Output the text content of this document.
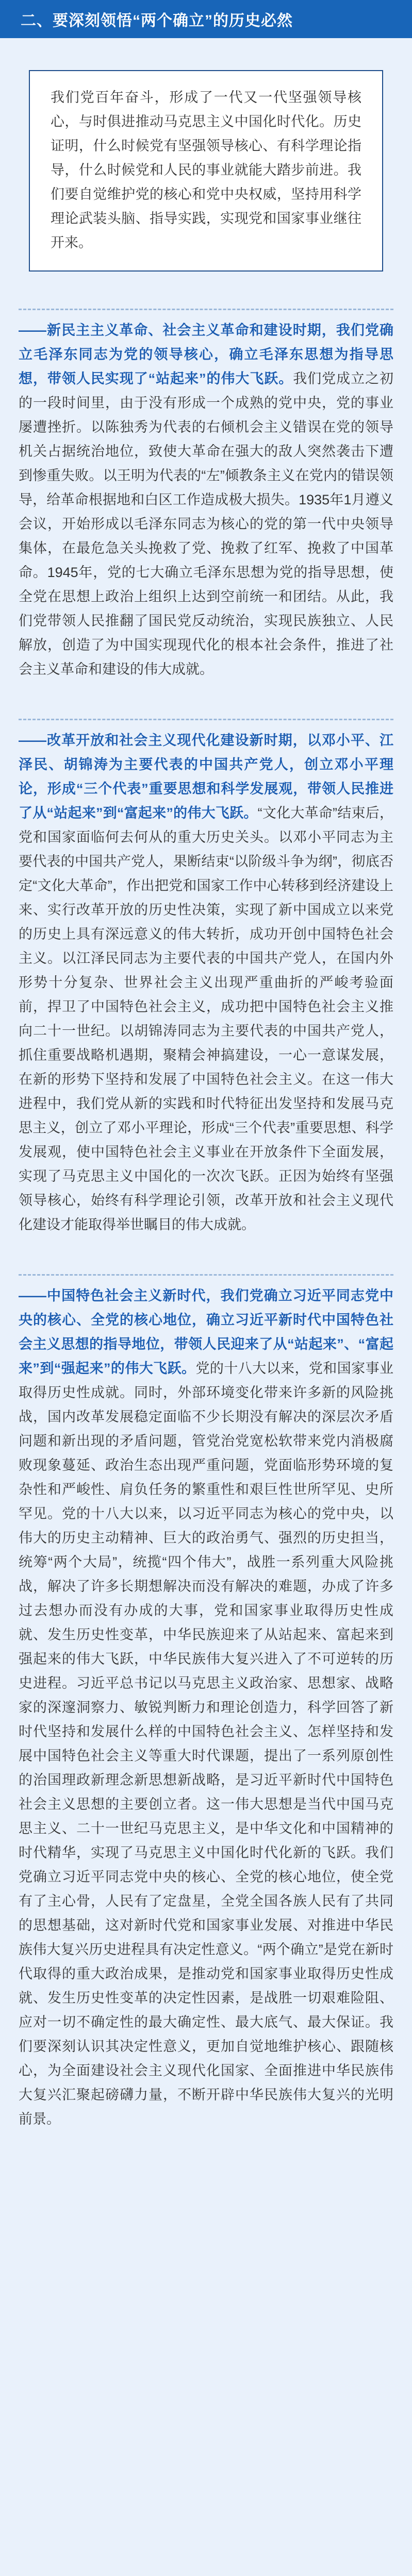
二、要深刻领悟“两个确立”的历史必然
我们党百年奋斗，形成了一代又一代坚强领导核心，与时俱进推动马克思主义中国化时代化。历史证明，什么时候党有坚强领导核心、有科学理论指导，什么时候党和人民的事业就能大踏步前进。我们要自觉维护党的核心和党中央权威，坚持用科学理论武装头脑、指导实践，实现党和国家事业继往开来。
——新民主主义革命、社会主义革命和建设时期，我们党确立毛泽东同志为党的领导核心，确立毛泽东思想为指导思想，带领人民实现了“站起来”的伟大飞跃。我们党成立之初的一段时间里，由于没有形成一个成熟的党中央，党的事业屡遭挫折。以陈独秀为代表的右倾机会主义错误在党的领导机关占据统治地位，致使大革命在强大的敌人突然袭击下遭到惨重失败。以王明为代表的“左”倾教条主义在党内的错误领导，给革命根据地和白区工作造成极大损失。1935年1月遵义会议，开始形成以毛泽东同志为核心的党的第一代中央领导集体，在最危急关头挽救了党、挽救了红军、挽救了中国革命。1945年，党的七大确立毛泽东思想为党的指导思想，使全党在思想上政治上组织上达到空前统一和团结。从此，我们党带领人民推翻了国民党反动统治，实现民族独立、人民解放，创造了为中国实现现代化的根本社会条件，推进了社会主义革命和建设的伟大成就。
——改革开放和社会主义现代化建设新时期，以邓小平、江泽民、胡锦涛为主要代表的中国共产党人，创立邓小平理论，形成“三个代表”重要思想和科学发展观，带领人民推进了从“站起来”到“富起来”的伟大飞跃。“文化大革命”结束后，党和国家面临何去何从的重大历史关头。以邓小平同志为主要代表的中国共产党人，果断结束“以阶级斗争为纲”，彻底否定“文化大革命”，作出把党和国家工作中心转移到经济建设上来、实行改革开放的历史性决策，实现了新中国成立以来党的历史上具有深远意义的伟大转折，成功开创中国特色社会主义。以江泽民同志为主要代表的中国共产党人，在国内外形势十分复杂、世界社会主义出现严重曲折的严峻考验面前，捍卫了中国特色社会主义，成功把中国特色社会主义推向二十一世纪。以胡锦涛同志为主要代表的中国共产党人，抓住重要战略机遇期，聚精会神搞建设，一心一意谋发展，在新的形势下坚持和发展了中国特色社会主义。在这一伟大进程中，我们党从新的实践和时代特征出发坚持和发展马克思主义，创立了邓小平理论，形成“三个代表”重要思想、科学发展观，使中国特色社会主义事业在开放条件下全面发展，实现了马克思主义中国化的一次次飞跃。正因为始终有坚强领导核心，始终有科学理论引领，改革开放和社会主义现代化建设才能取得举世瞩目的伟大成就。
——中国特色社会主义新时代，我们党确立习近平同志党中央的核心、全党的核心地位，确立习近平新时代中国特色社会主义思想的指导地位，带领人民迎来了从“站起来”、“富起来”到“强起来”的伟大飞跃。党的十八大以来，党和国家事业取得历史性成就。同时，外部环境变化带来许多新的风险挑战，国内改革发展稳定面临不少长期没有解决的深层次矛盾问题和新出现的矛盾问题，管党治党宽松软带来党内消极腐败现象蔓延、政治生态出现严重问题，党面临形势环境的复杂性和严峻性、肩负任务的繁重性和艰巨性世所罕见、史所罕见。党的十八大以来，以习近平同志为核心的党中央，以伟大的历史主动精神、巨大的政治勇气、强烈的历史担当，统筹“两个大局”，统揽“四个伟大”，战胜一系列重大风险挑战，解决了许多长期想解决而没有解决的难题，办成了许多过去想办而没有办成的大事，党和国家事业取得历史性成就、发生历史性变革，中华民族迎来了从站起来、富起来到强起来的伟大飞跃，中华民族伟大复兴进入了不可逆转的历史进程。习近平总书记以马克思主义政治家、思想家、战略家的深邃洞察力、敏锐判断力和理论创造力，科学回答了新时代坚持和发展什么样的中国特色社会主义、怎样坚持和发展中国特色社会主义等重大时代课题，提出了一系列原创性的治国理政新理念新思想新战略，是习近平新时代中国特色社会主义思想的主要创立者。这一伟大思想是当代中国马克思主义、二十一世纪马克思主义，是中华文化和中国精神的时代精华，实现了马克思主义中国化时代化新的飞跃。我们党确立习近平同志党中央的核心、全党的核心地位，使全党有了主心骨，人民有了定盘星，全党全国各族人民有了共同的思想基础，这对新时代党和国家事业发展、对推进中华民族伟大复兴历史进程具有决定性意义。“两个确立”是党在新时代取得的重大政治成果，是推动党和国家事业取得历史性成就、发生历史性变革的决定性因素，是战胜一切艰难险阻、应对一切不确定性的最大确定性、最大底气、最大保证。我们要深刻认识其决定性意义，更加自觉地维护核心、跟随核心，为全面建设社会主义现代化国家、全面推进中华民族伟大复兴汇聚起磅礴力量，不断开辟中华民族伟大复兴的光明前景。
